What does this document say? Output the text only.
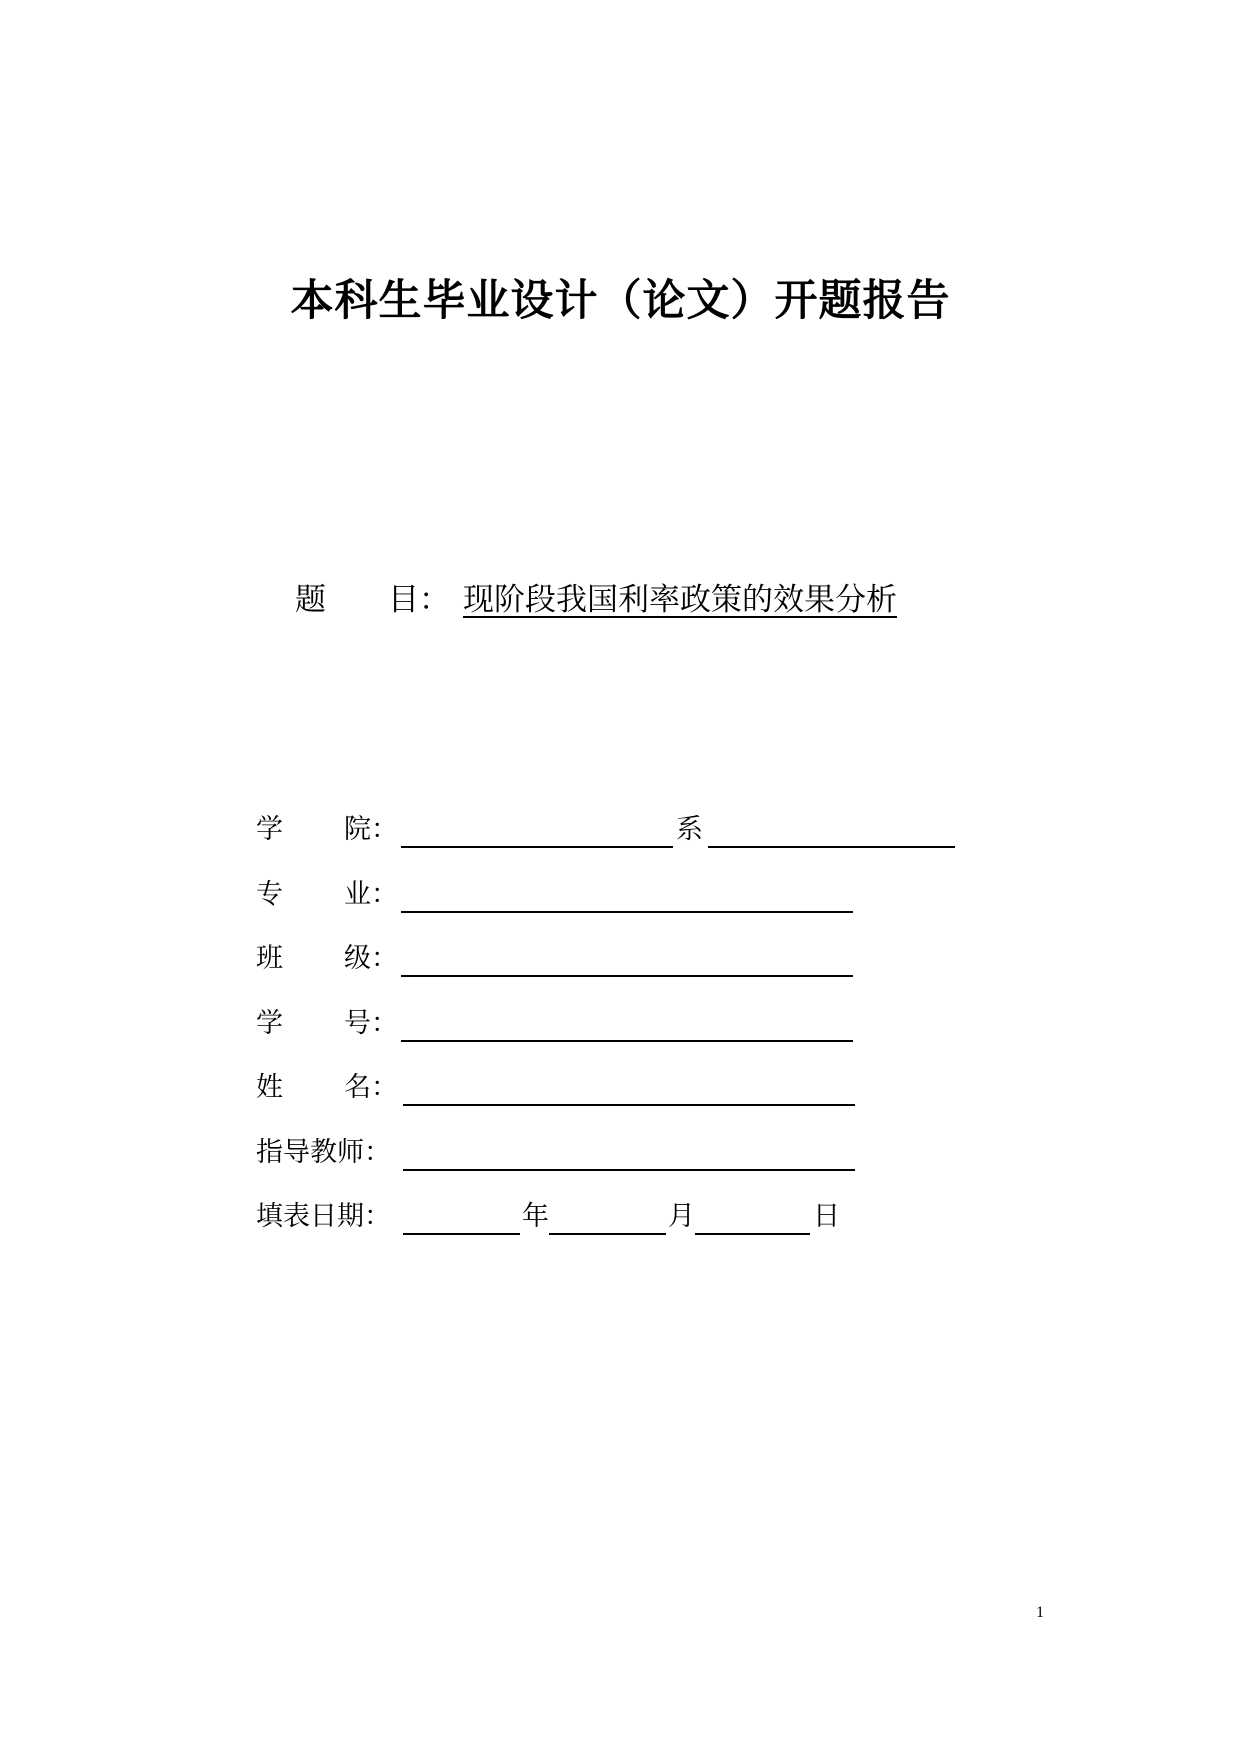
本科生毕业设计（论文）开题报告
题 目： 现阶段我国利率政策的效果分析
学 院 ：	系
专 业 ：
班 级 ：
学 号 ：
姓 名 ：
指导教师：
填表日期：	年	月	日
1
